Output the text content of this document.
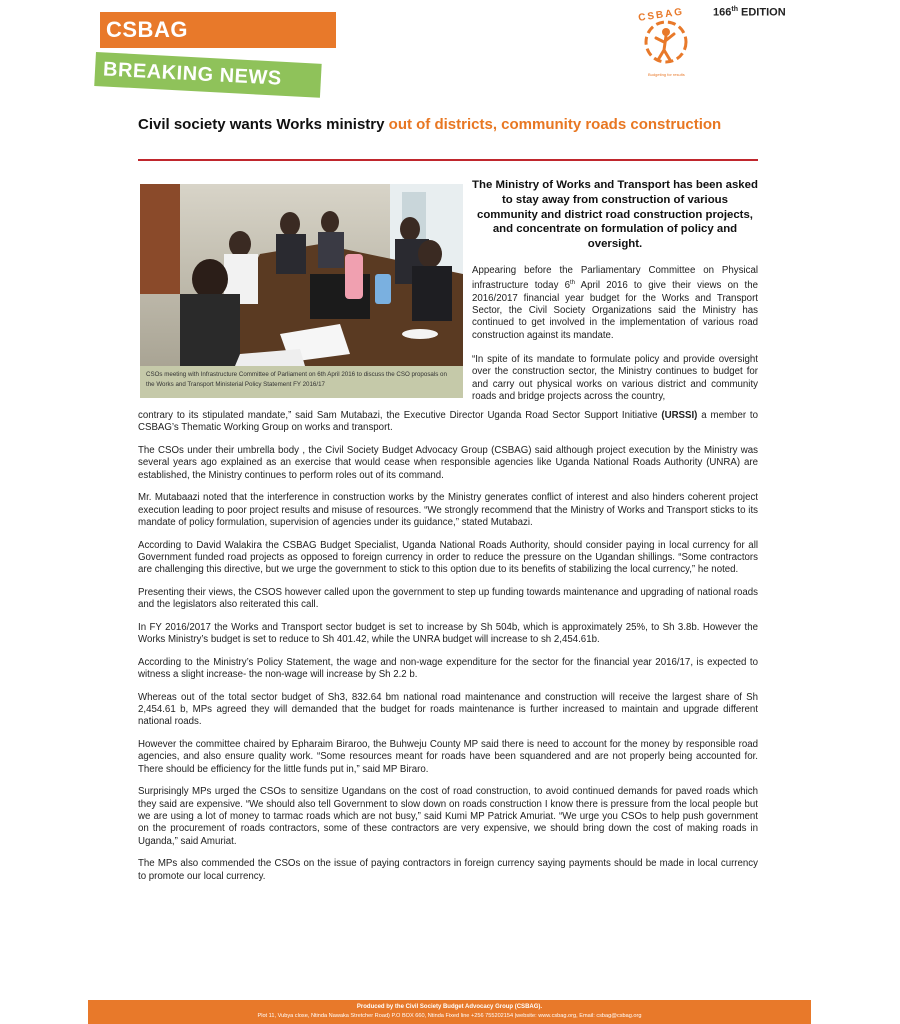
CSBAG
BREAKING NEWS
CSBAG
Budgeting for results
166th EDITION
Civil society wants Works ministry out of districts, community roads construction
CSOs meeting with Infrastructure Committee of Parliament on 6th April 2016 to discuss the CSO proposals on the Works and Transport Ministerial Policy Statement FY 2016/17
The Ministry of Works and Transport has been asked to stay away from construction of various community and district road construction projects, and concentrate on formulation of policy and oversight.
Appearing before the Parliamentary Committee on Physical infrastructure today 6th April 2016 to give their views on the 2016/2017 financial year budget for the Works and Transport Sector, the Civil Society Organizations said the Ministry has continued to get involved in the implementation of various road construction against its mandate.
“In spite of its mandate to formulate policy and provide oversight over the construction sector, the Ministry continues to budget for and carry out physical works on various district and community roads and bridge projects across the country,

contrary to its stipulated mandate,” said Sam Mutabazi, the Executive Director Uganda Road Sector Support Initiative (URSSI) a member to CSBAG’s Thematic Working Group on works and transport.

The CSOs under their umbrella body , the Civil Society Budget Advocacy Group (CSBAG) said although project execution by the Ministry was several years ago explained as an exercise that would cease when responsible agencies like Uganda National Roads Authority (UNRA) are established, the Ministry continues to perform roles out of its command.

Mr. Mutabaazi noted that the interference in construction works by the Ministry generates conflict of interest and also hinders coherent project execution leading to poor project results and misuse of resources. “We strongly recommend that the Ministry of Works and Transport sticks to its mandate of policy formulation, supervision of agencies under its guidance,” stated Mutabazi.

According to David Walakira the CSBAG Budget Specialist, Uganda National Roads Authority, should consider paying in local currency for all Government funded road projects as opposed to foreign currency in order to reduce the pressure on the Ugandan shillings. “Some contractors are challenging this directive, but we urge the government to stick to this option due to its benefits of stabilizing the local currency,” he noted.

Presenting their views, the CSOS however called upon the government to step up funding towards maintenance and upgrading of national roads and the legislators also reiterated this call.

In FY 2016/2017 the Works and Transport sector budget is set to increase by Sh 504b, which is approximately 25%, to Sh 3.8b. However the Works Ministry’s budget is set to reduce to Sh 401.42, while the UNRA budget will increase to sh 2,454.61b.

According to the Ministry’s Policy Statement, the wage and non-wage expenditure for the sector for the financial year 2016/17, is expected to witness a slight increase- the non-wage will increase by Sh 2.2 b.

Whereas out of the total sector budget of Sh3, 832.64 bm national road maintenance and construction will receive the largest share of Sh 2,454.61 b, MPs agreed they will demanded that the budget for roads maintenance is further increased to maintain and upgrade different national roads.

However the committee chaired by Epharaim Biraroo, the Buhweju County MP said there is need to account for the money by responsible road agencies, and also ensure quality work. “Some resources meant for roads have been squandered and are not properly being accounted for. There should be efficiency for the little funds put in,” said MP Biraro.

Surprisingly MPs urged the CSOs to sensitize Ugandans on the cost of road construction, to avoid continued demands for paved roads which they said are expensive. “We should also tell Government to slow down on roads construction I know there is pressure from the local people but we are using a lot of money to tarmac roads which are not busy,” said Kumi MP Patrick Amuriat. “We urge you CSOs to help push government on the procurement of roads contractors, some of these contractors are very expensive, we should bring down the cost of making roads in Uganda,” said Amuriat.

The MPs also commended the CSOs on the issue of paying contractors in foreign currency saying payments should be made in local currency to promote our local currency.

Produced by the Civil Society Budget Advocacy Group (CSBAG).
Plot 11, Vubya close, Ntinda Nawaka Stretcher Road) P.O BOX 660, Ntinda Fixed line +256 755202154 |website: www.csbag.org, Email: csbag@csbag.org
